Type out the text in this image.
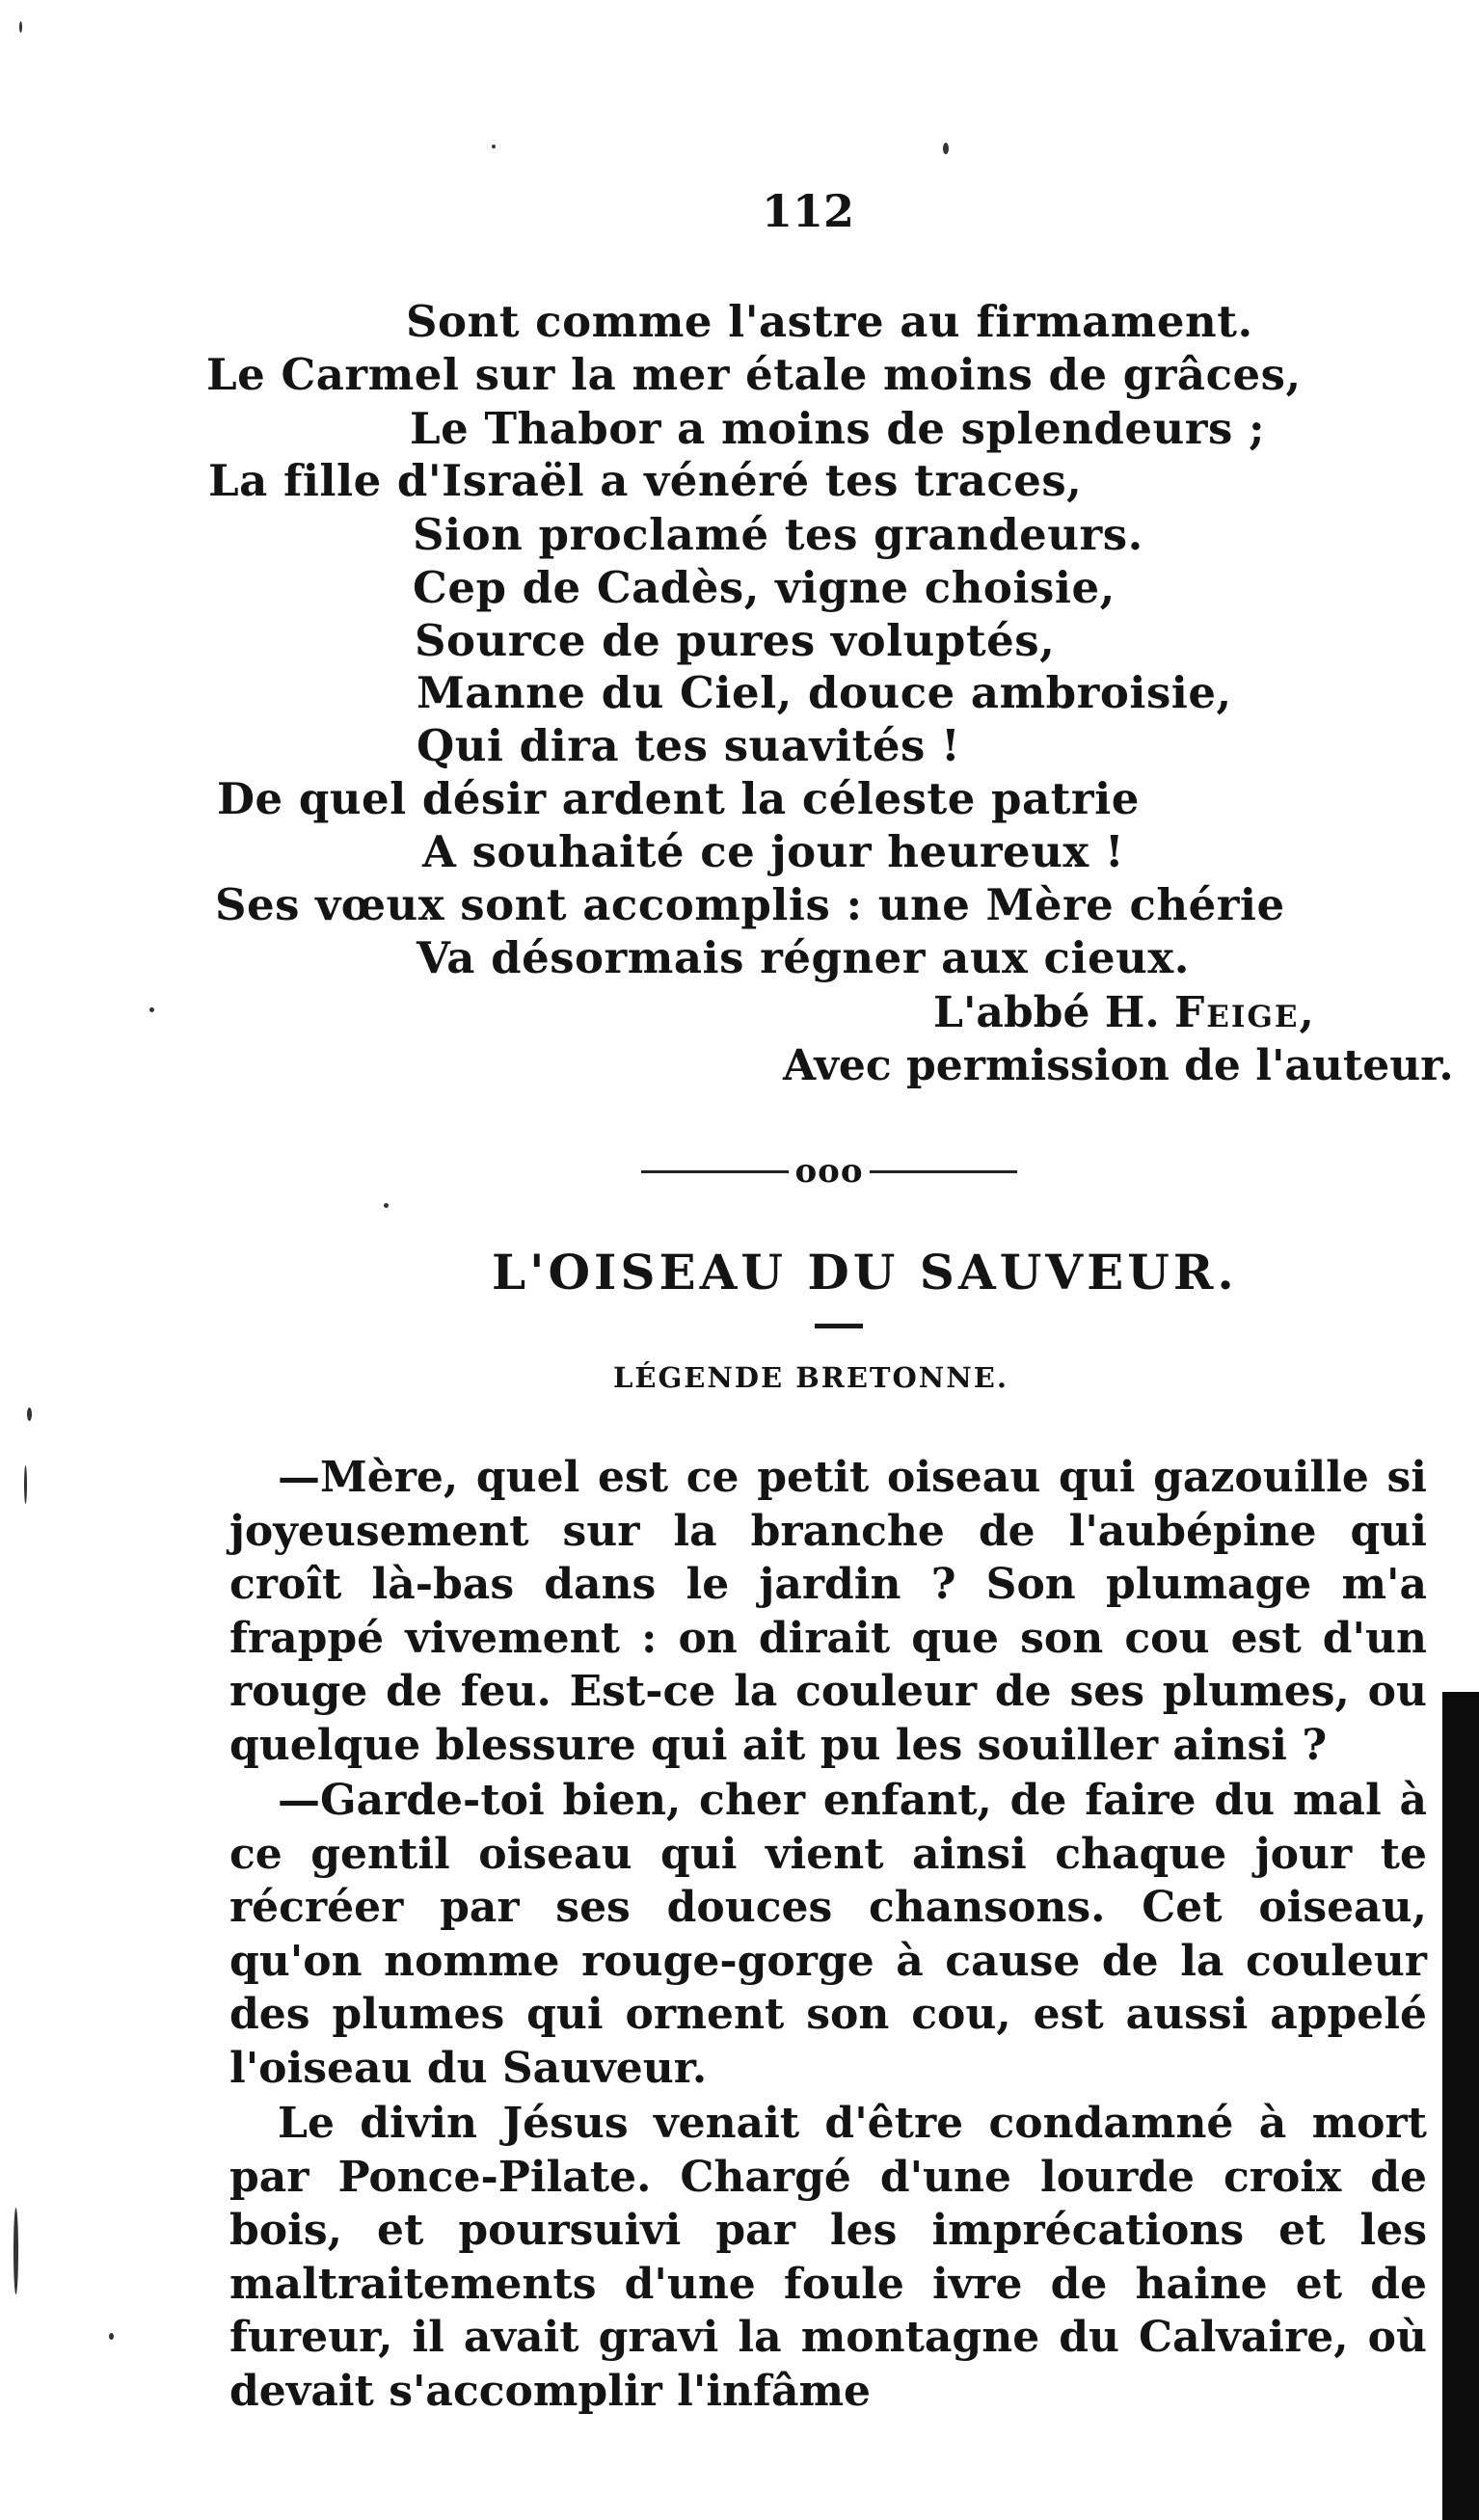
112
Sont comme l'astre au firmament.
Le Carmel sur la mer étale moins de grâces,
Le Thabor a moins de splendeurs ;
La fille d'Israël a vénéré tes traces,
Sion proclamé tes grandeurs.
Cep de Cadès, vigne choisie,
Source de pures voluptés,
Manne du Ciel, douce ambroisie,
Qui dira tes suavités !
De quel désir ardent la céleste patrie
A souhaité ce jour heureux !
Ses vœux sont accomplis : une Mère chérie
Va désormais régner aux cieux.
L'abbé H. Feige,
Avec permission de l'auteur.
ooo
L'OISEAU DU SAUVEUR.
LÉGENDE BRETONNE.

—Mère, quel est ce petit oiseau qui gazouille si joyeusement sur la branche de l'aubépine qui croît là-bas dans le jardin ? Son plumage m'a frappé vivement : on dirait que son cou est d'un rouge de feu. Est-ce la couleur de ses plumes, ou quelque blessure qui ait pu les souiller ainsi ?

—Garde-toi bien, cher enfant, de faire du mal à ce gentil oiseau qui vient ainsi chaque jour te récréer par ses douces chansons. Cet oiseau, qu'on nomme rouge-gorge à cause de la couleur des plumes qui ornent son cou, est aussi appelé l'oiseau du Sauveur.

Le divin Jésus venait d'être condamné à mort par Ponce-Pilate. Chargé d'une lourde croix de bois, et poursuivi par les imprécations et les maltraitements d'une foule ivre de haine et de fureur, il avait gravi la montagne du Calvaire, où devait s'accomplir l'infâme
